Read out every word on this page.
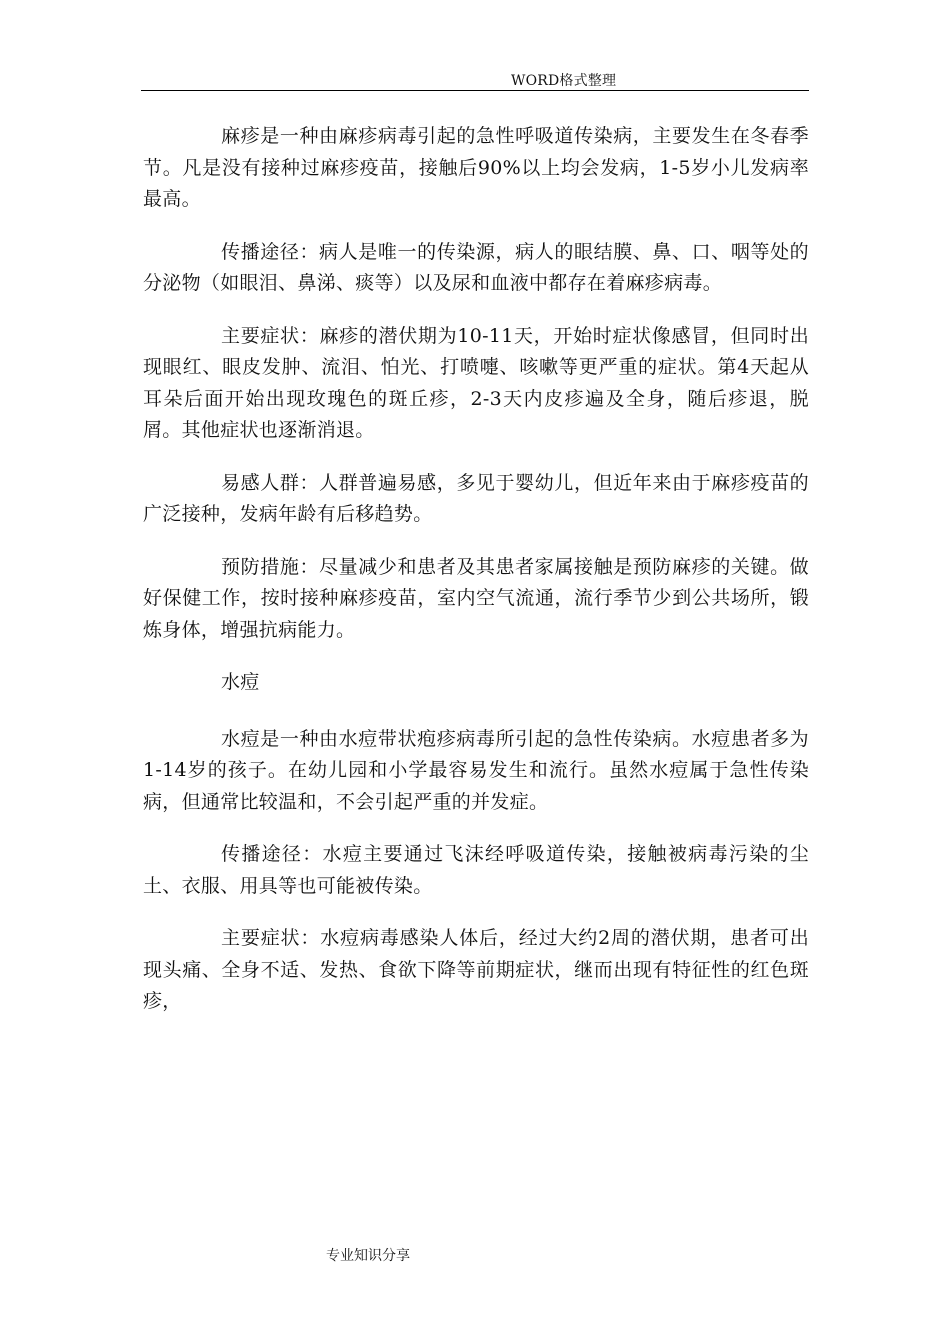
WORD格式整理

麻疹是一种由麻疹病毒引起的急性呼吸道传染病，主要发生在冬春季节。凡是没有接种过麻疹疫苗，接触后90%以上均会发病，1-5岁小儿发病率最高。

传播途径：病人是唯一的传染源，病人的眼结膜、鼻、口、咽等处的分泌物（如眼泪、鼻涕、痰等）以及尿和血液中都存在着麻疹病毒。

主要症状：麻疹的潜伏期为10-11天，开始时症状像感冒，但同时出现眼红、眼皮发肿、流泪、怕光、打喷嚏、咳嗽等更严重的症状。第4天起从耳朵后面开始出现玫瑰色的斑丘疹，2-3天内皮疹遍及全身，随后疹退，脱屑。其他症状也逐渐消退。

易感人群：人群普遍易感，多见于婴幼儿，但近年来由于麻疹疫苗的广泛接种，发病年龄有后移趋势。

预防措施：尽量减少和患者及其患者家属接触是预防麻疹的关键。做好保健工作，按时接种麻疹疫苗，室内空气流通，流行季节少到公共场所，锻炼身体，增强抗病能力。

水痘

水痘是一种由水痘带状疱疹病毒所引起的急性传染病。水痘患者多为1-14岁的孩子。在幼儿园和小学最容易发生和流行。虽然水痘属于急性传染病，但通常比较温和，不会引起严重的并发症。

传播途径：水痘主要通过飞沫经呼吸道传染，接触被病毒污染的尘土、衣服、用具等也可能被传染。

主要症状：水痘病毒感染人体后，经过大约2周的潜伏期，患者可出现头痛、全身不适、发热、食欲下降等前期症状，继而出现有特征性的红色斑疹，

专业知识分享
